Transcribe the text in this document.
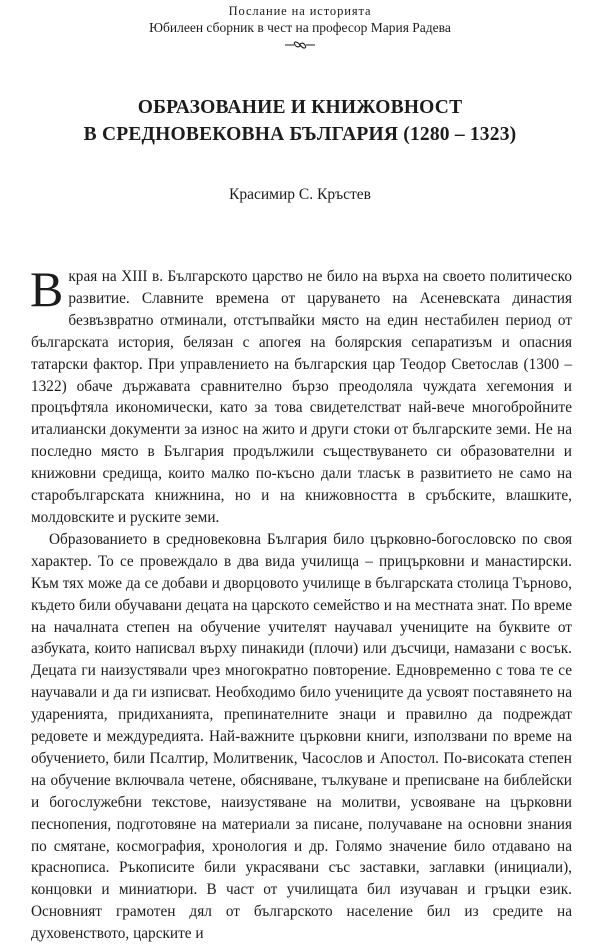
Послание на историята
Юбилеен сборник в чест на професор Мария Радева
ОБРАЗОВАНИЕ И КНИЖОВНОСТ
В СРЕДНОВЕКОВНА БЪЛГАРИЯ (1280 – 1323)
Красимир С. Кръстев

Вкрая на XIII в. Българското царство не било на върха на своето политическо развитие. Славните времена от царуването на Асеневската династия безвъзвратно отминали, отстъпвайки място на един нестабилен период от българската история, белязан с апогея на болярския сепаратизъм и опасния татарски фактор. При управлението на българския цар Теодор Светослав (1300 – 1322) обаче държавата сравнително бързо преодоляла чуждата хегемония и процъфтяла икономически, като за това свидетелстват най-вече многобройните италиански документи за износ на жито и други стоки от българските земи. Не на последно място в България продължили съществуването си образователни и книжовни средища, които малко по-късно дали тласък в развитието не само на старобългарската книжнина, но и на книжовността в сръбските, влашките, молдовските и руските земи.

Образованието в средновековна България било църковно-богословско по своя характер. То се провеждало в два вида училища – прицърковни и манастирски. Към тях може да се добави и дворцовото училище в българската столица Търново, където били обучавани децата на царското семейство и на местната знат. По време на началната степен на обучение учителят научавал учениците на буквите от азбуката, които написвал върху пинакиди (плочи) или дъсчици, намазани с восък. Децата ги наизустявали чрез многократно повторение. Едновременно с това те се научавали и да ги изписват. Необходимо било учениците да усвоят поставянето на ударенията, придиханията, препинателните знаци и правилно да подреждат редовете и междуредията. Най-важните църковни книги, използвани по време на обучението, били Псалтир, Молитвеник, Часослов и Апостол. По-високата степен на обучение включвала четене, обясняване, тълкуване и преписване на библейски и богослужебни текстове, наизустяване на молитви, усвояване на църковни песнопения, подготовяне на материали за писане, получаване на основни знания по смятане, космография, хронология и др. Голямо значение било отдавано на краснописа. Ръкописите били украсявани със заставки, заглавки (инициали), концовки и миниатюри. В част от училищата бил изучаван и гръцки език. Основният грамотен дял от българското население бил из средите на духовенството, царските и
